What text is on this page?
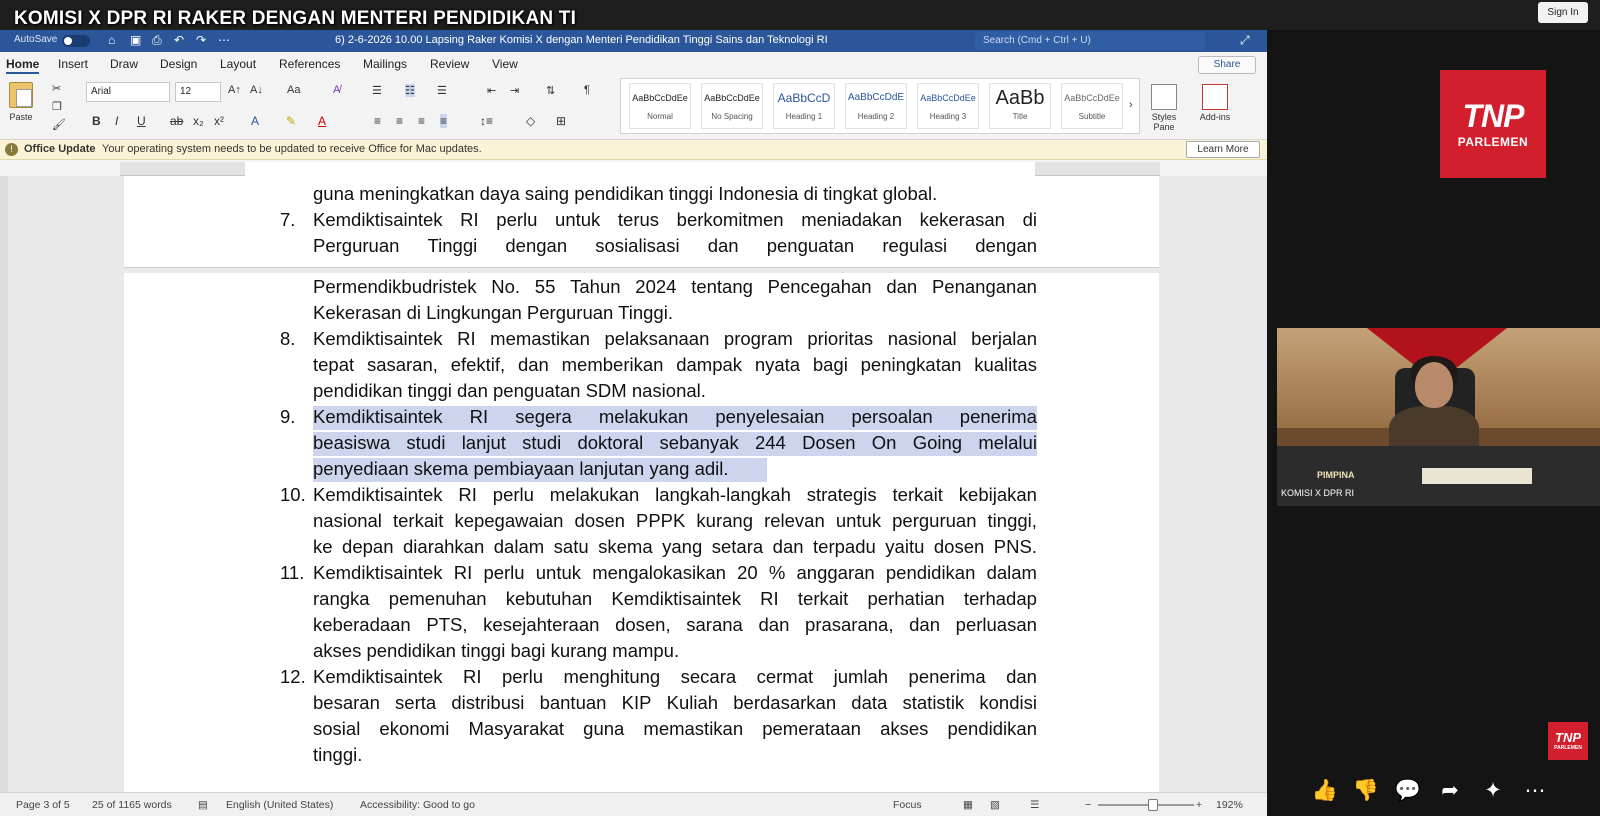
KOMISI X DPR RI RAKER DENGAN MENTERI PENDIDIKAN TI	Sign In
AutoSave	⌂ ▣ ⎙ ↶ ↷ ⋯	6) 2-6-2026 10.00 Lapsing Raker Komisi X dengan Menteri Pendidikan Tinggi Sains dan Teknologi RI	Search (Cmd + Ctrl + U)	⤢
Home Insert Draw Design Layout References Mailings Review View	Share
Paste
✂
❐
🖌
Arial	12	A↑ A↓ Aa	A̸
B I U ab x₂ x² A ✎ A
☰ ☷ ☰	⇤ ⇥ ⇅	¶
≡ ≡ ≡ ≡	↕≡	◇ ⊞
AaBbCcDdEe
Normal
AaBbCcDdEe
No Spacing
AaBbCcD
Heading 1
AaBbCcDdE
Heading 2
AaBbCcDdEe
Heading 3
AaBb
Title
AaBbCcDdEe
Subtitle
›
Styles Pane
Add-ins
!	Office Update Your operating system needs to be updated to receive Office for Mac updates.	Learn More
guna meningkatkan daya saing pendidikan tinggi Indonesia di tingkat global.
7. Kemdiktisaintek RI perlu untuk terus berkomitmen meniadakan kekerasan di
Perguruan Tinggi dengan sosialisasi dan penguatan regulasi dengan
Permendikbudristek No. 55 Tahun 2024 tentang Pencegahan dan Penanganan
Kekerasan di Lingkungan Perguruan Tinggi.
8. Kemdiktisaintek RI memastikan pelaksanaan program prioritas nasional berjalan
tepat sasaran, efektif, dan memberikan dampak nyata bagi peningkatan kualitas
pendidikan tinggi dan penguatan SDM nasional.
9. Kemdiktisaintek RI segera melakukan penyelesaian persoalan penerima
beasiswa studi lanjut studi doktoral sebanyak 244 Dosen On Going melalui
penyediaan skema pembiayaan lanjutan yang adil.
10. Kemdiktisaintek RI perlu melakukan langkah-langkah strategis terkait kebijakan
nasional terkait kepegawaian dosen PPPK kurang relevan untuk perguruan tinggi,
ke depan diarahkan dalam satu skema yang setara dan terpadu yaitu dosen PNS.
11. Kemdiktisaintek RI perlu untuk mengalokasikan 20 % anggaran pendidikan dalam
rangka pemenuhan kebutuhan Kemdiktisaintek RI terkait perhatian terhadap
keberadaan PTS, kesejahteraan dosen, sarana dan prasarana, dan perluasan
akses pendidikan tinggi bagi kurang mampu.
12. Kemdiktisaintek RI perlu menghitung secara cermat jumlah penerima dan
besaran serta distribusi bantuan KIP Kuliah berdasarkan data statistik kondisi
sosial ekonomi Masyarakat guna memastikan pemerataan akses pendidikan
tinggi.
Page 3 of 5 25 of 1165 words ▤ English (United States)	Accessibility: Good to go	Focus	▦ ▧	☰	−	+ 192%
TNP
PARLEMEN
PIMPINA
KOMISI X DPR RI
TNP
PARLEMEN
👍 👎 💬 ➦ ✦ ⋯
